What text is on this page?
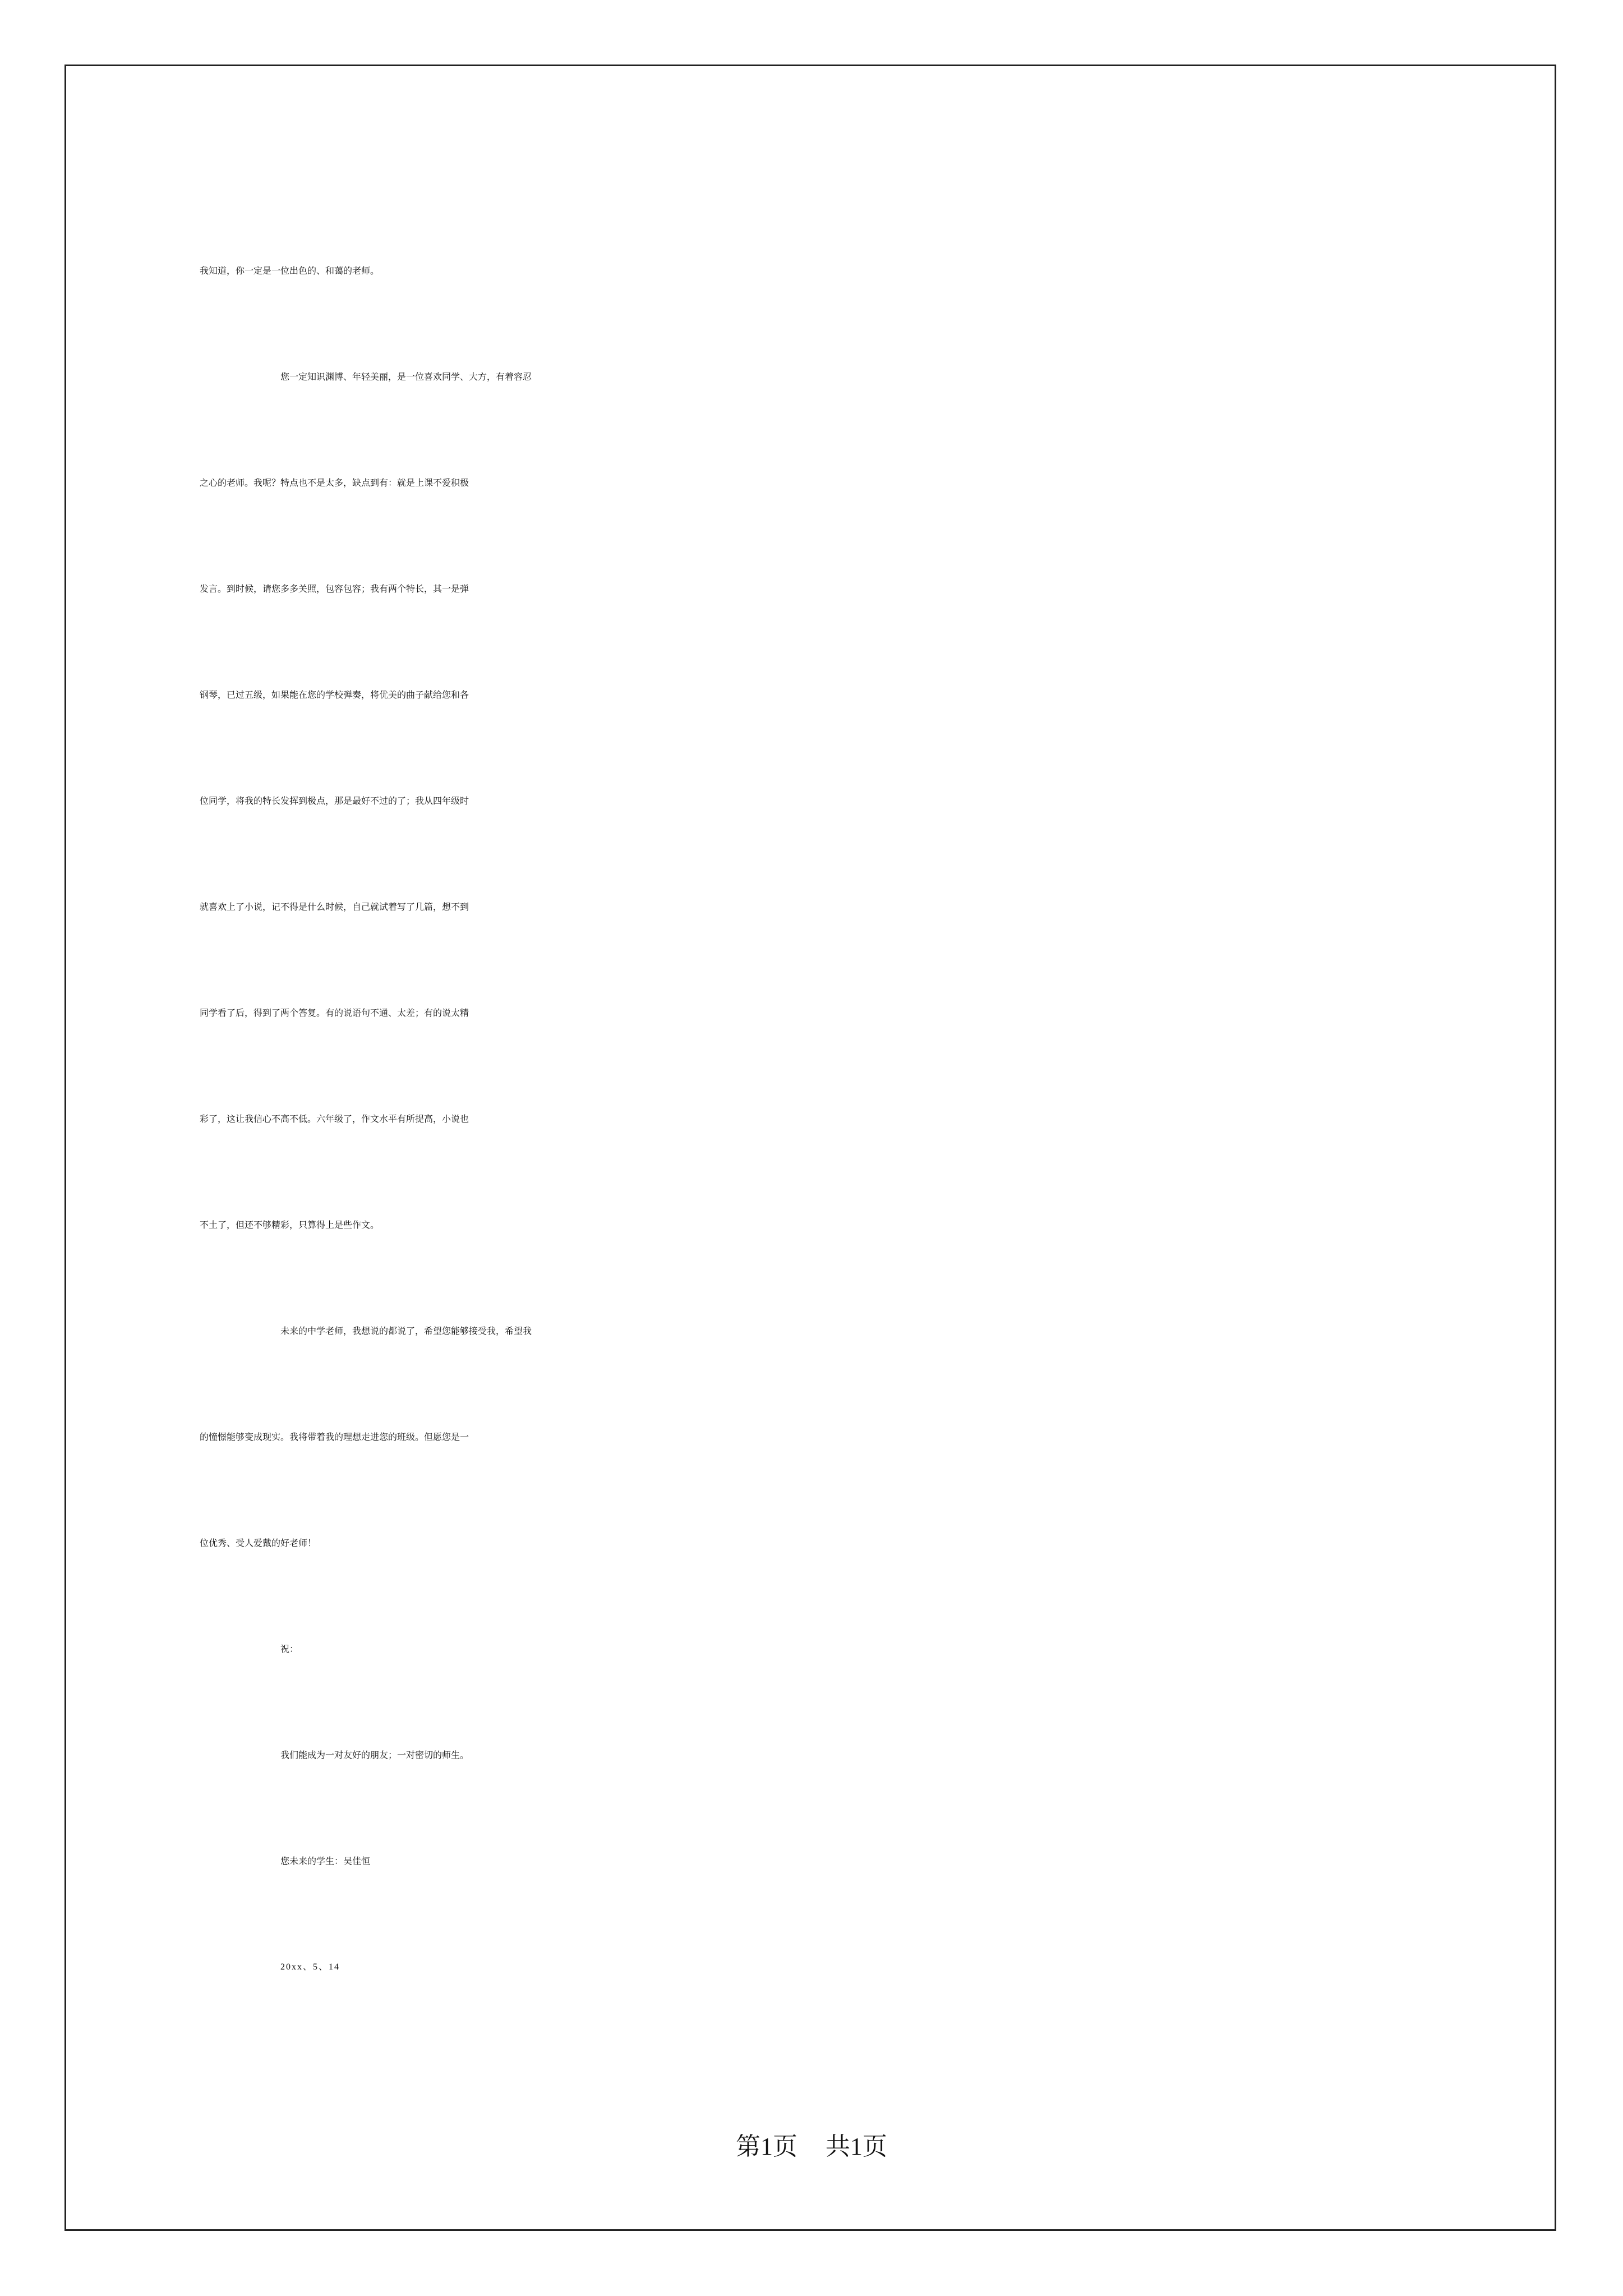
我知道，你一定是一位出色的、和蔼的老师。
您一定知识渊博、年轻美丽，是一位喜欢同学、大方，有着容忍
之心的老师。我呢？特点也不是太多，缺点到有：就是上课不爱积极
发言。到时候，请您多多关照，包容包容；我有两个特长，其一是弹
钢琴，已过五级，如果能在您的学校弹奏，将优美的曲子献给您和各
位同学，将我的特长发挥到极点，那是最好不过的了；我从四年级时
就喜欢上了小说，记不得是什么时候，自己就试着写了几篇，想不到
同学看了后，得到了两个答复。有的说语句不通、太差；有的说太精
彩了，这让我信心不高不低。六年级了，作文水平有所提高，小说也
不土了，但还不够精彩，只算得上是些作文。
未来的中学老师，我想说的都说了，希望您能够接受我，希望我
的憧憬能够变成现实。我将带着我的理想走进您的班级。但愿您是一
位优秀、受人爱戴的好老师！
祝：
我们能成为一对友好的朋友；一对密切的师生。
您未来的学生：吴佳恒
20xx、5、14
第1页 共1页
